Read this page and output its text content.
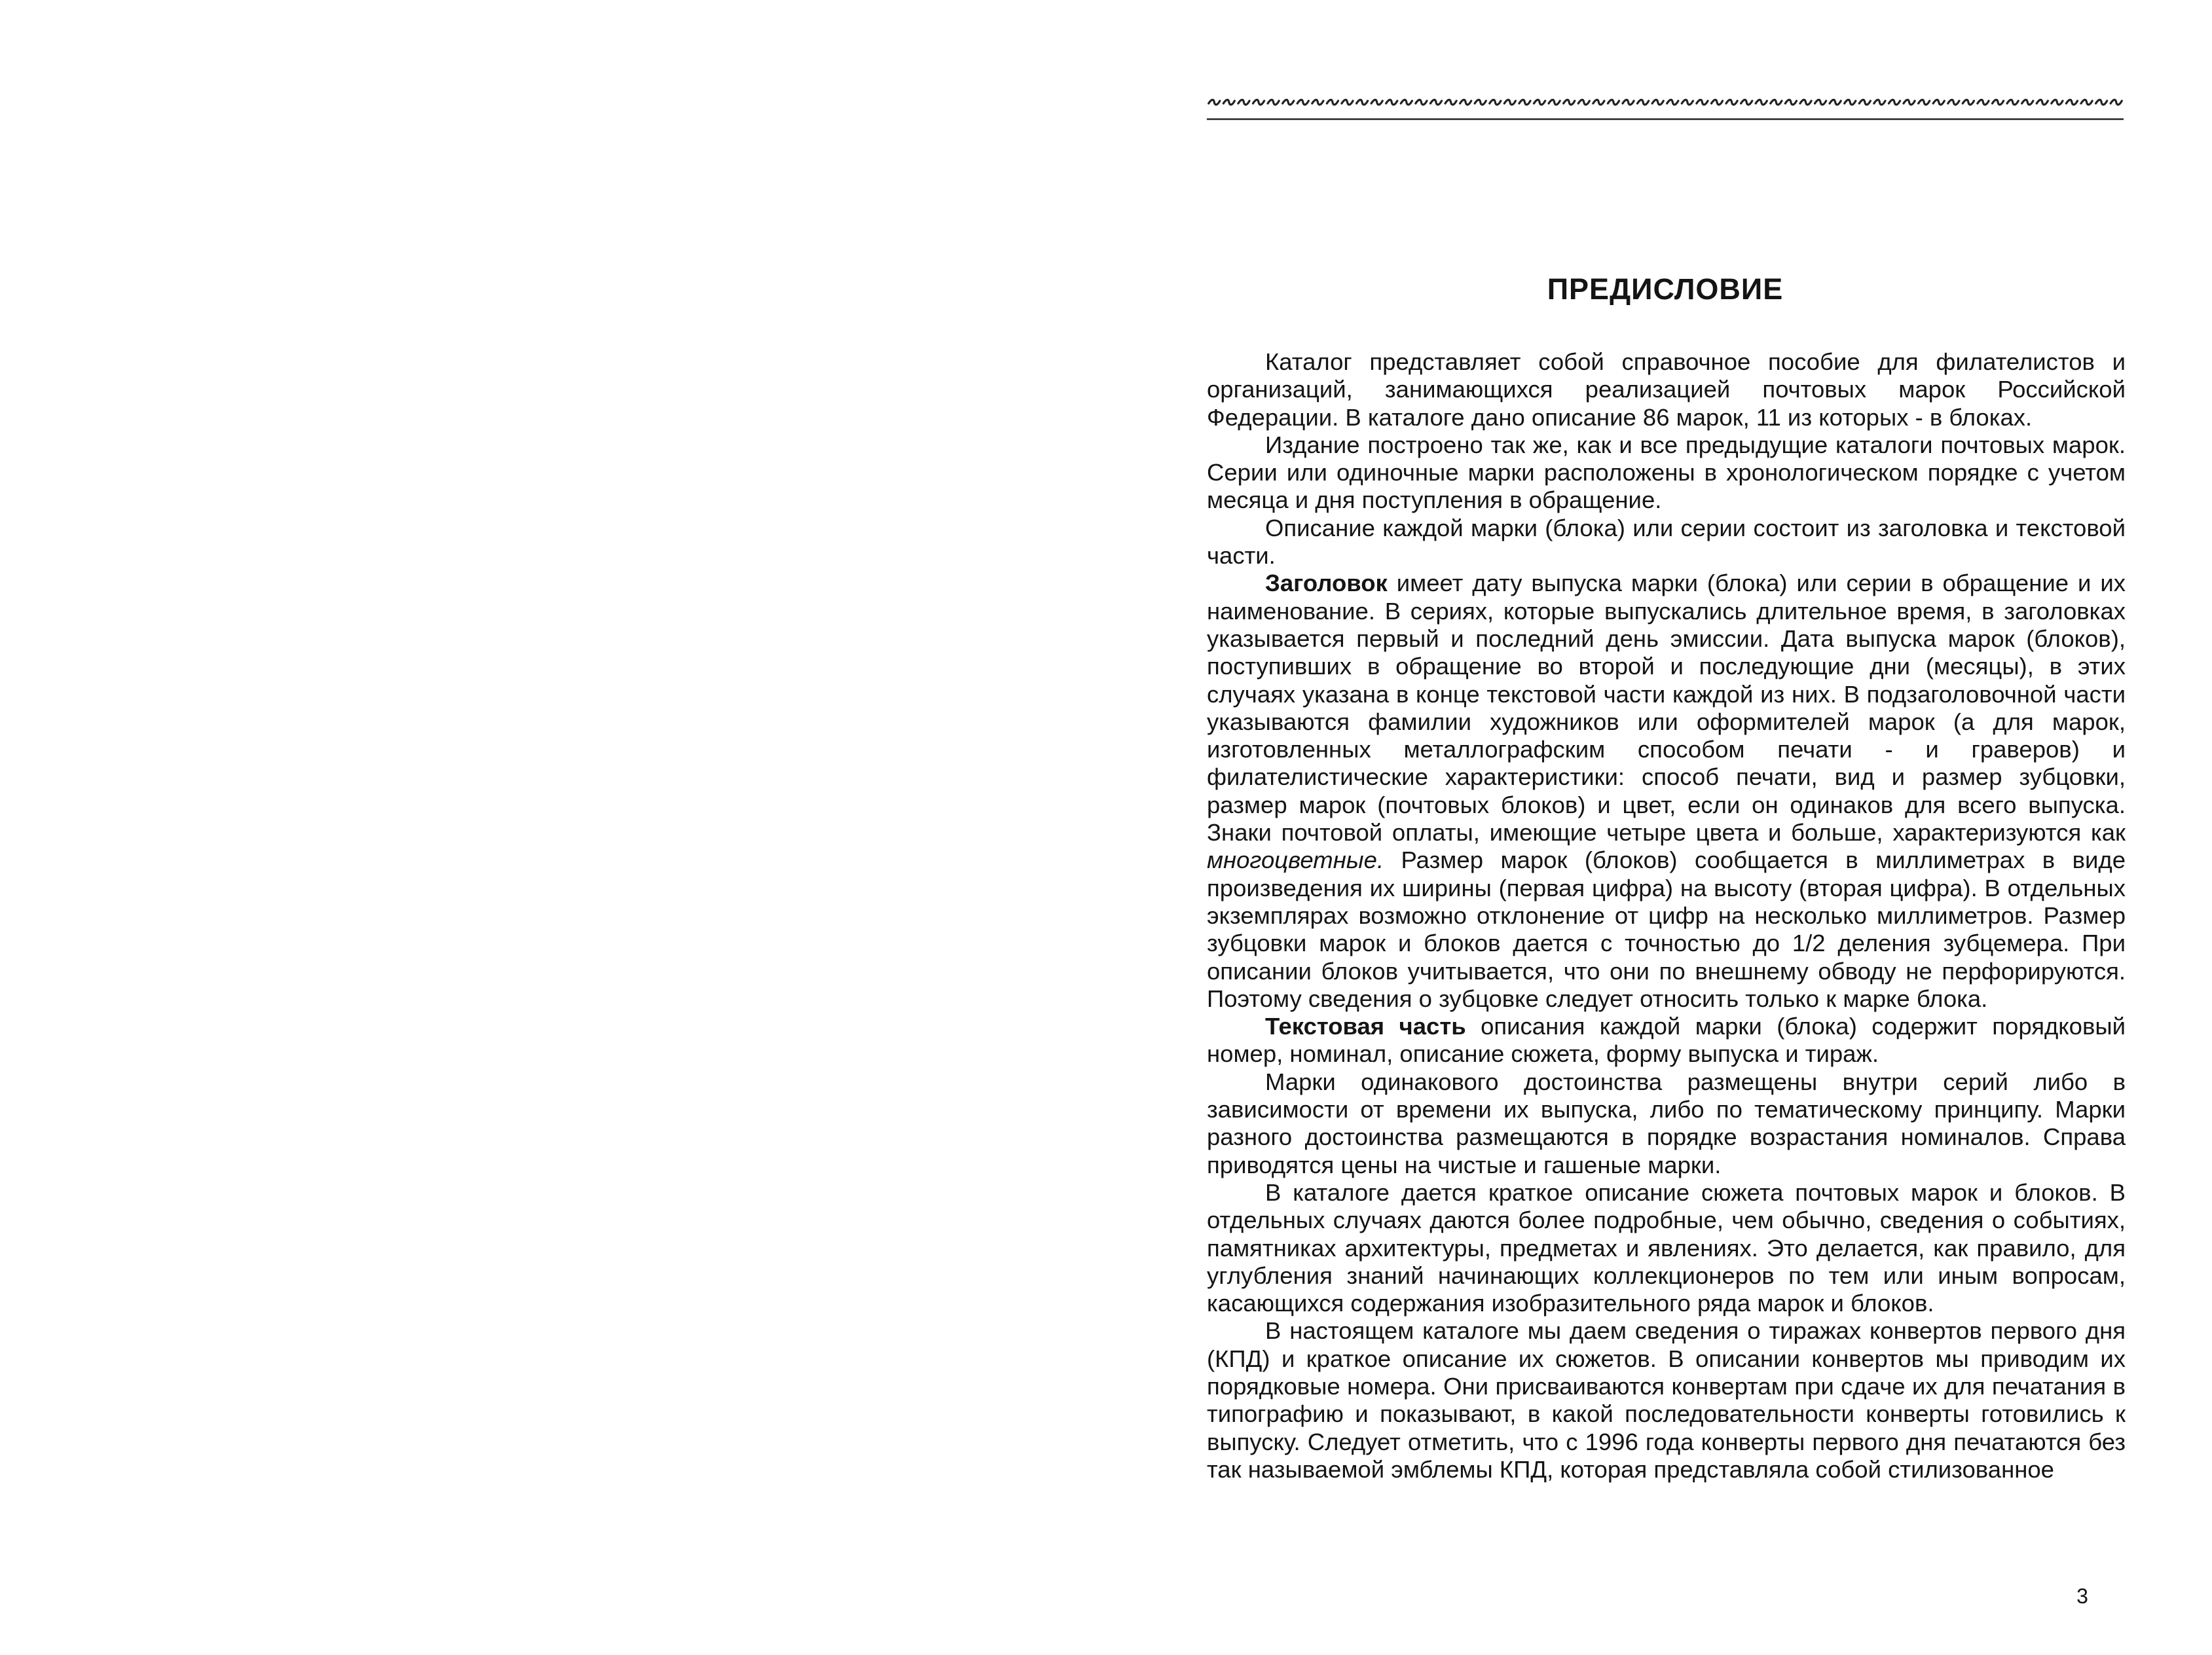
ПРЕДИСЛОВИЕ

Каталог представляет собой справочное пособие для филателистов и организаций, занимающихся реализацией почтовых марок Российской Федерации. В каталоге дано описание 86 марок, 11 из которых - в блоках.

Издание построено так же, как и все предыдущие каталоги почтовых марок. Серии или одиночные марки расположены в хронологическом порядке с учетом месяца и дня поступления в обращение.

Описание каждой марки (блока) или серии состоит из заголовка и текстовой части.

Заголовок имеет дату выпуска марки (блока) или серии в обращение и их наименование. В сериях, которые выпускались длительное время, в заголовках указывается первый и последний день эмиссии. Дата выпуска марок (блоков), поступивших в обращение во второй и последующие дни (месяцы), в этих случаях указана в конце текстовой части каждой из них. В подзаголовочной части указываются фамилии художников или оформителей марок (а для марок, изготовленных металлографским способом печати - и граверов) и филателистические характеристики: способ печати, вид и размер зубцовки, размер марок (почтовых блоков) и цвет, если он одинаков для всего выпуска. Знаки почтовой оплаты, имеющие четыре цвета и больше, характеризуются как многоцветные. Размер марок (блоков) сообщается в миллиметрах в виде произведения их ширины (первая цифра) на высоту (вторая цифра). В отдельных экземплярах возможно отклонение от цифр на несколько миллиметров. Размер зубцовки марок и блоков дается с точностью до 1/2 деления зубцемера. При описании блоков учитывается, что они по внешнему обводу не перфорируются. Поэтому сведения о зубцовке следует относить только к марке блока.

Текстовая часть описания каждой марки (блока) содержит порядковый номер, номинал, описание сюжета, форму выпуска и тираж.

Марки одинакового достоинства размещены внутри серий либо в зависимости от времени их выпуска, либо по тематическому принципу. Марки разного достоинства размещаются в порядке возрастания номиналов. Справа приводятся цены на чистые и гашеные марки.

В каталоге дается краткое описание сюжета почтовых марок и блоков. В отдельных случаях даются более подробные, чем обычно, сведения о событиях, памятниках архитектуры, предметах и явлениях. Это делается, как правило, для углубления знаний начинающих коллекционеров по тем или иным вопросам, касающихся содержания изобразительного ряда марок и блоков.

В настоящем каталоге мы даем сведения о тиражах конвертов первого дня (КПД) и краткое описание их сюжетов. В описании конвертов мы приводим их порядковые номера. Они присваиваются конвертам при сдаче их для печатания в типографию и показывают, в какой последовательности конверты готовились к выпуску. Следует отметить, что с 1996 года конверты первого дня печатаются без так называемой эмблемы КПД, которая представляла собой стилизованное

3
